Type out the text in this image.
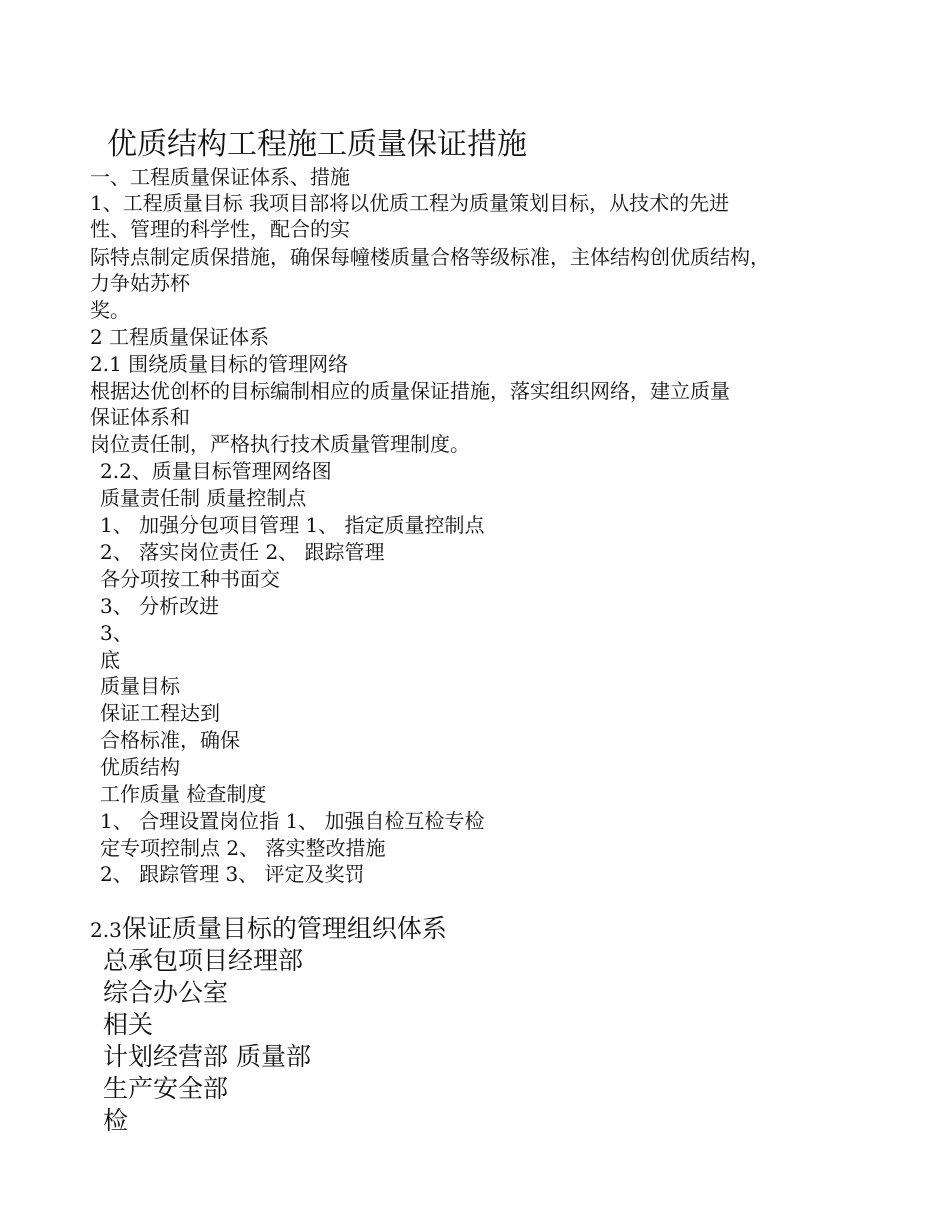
优质结构工程施工质量保证措施
一、工程质量保证体系、措施
1、工程质量目标 我项目部将以优质工程为质量策划目标，从技术的先进
性、管理的科学性，配合的实
际特点制定质保措施，确保每幢楼质量合格等级标准，主体结构创优质结构，
力争姑苏杯
奖。
2 工程质量保证体系
2.1 围绕质量目标的管理网络
根据达优创杯的目标编制相应的质量保证措施，落实组织网络，建立质量
保证体系和
岗位责任制，严格执行技术质量管理制度。
2.2、质量目标管理网络图
质量责任制 质量控制点
1、 加强分包项目管理 1、 指定质量控制点
2、 落实岗位责任 2、 跟踪管理
各分项按工种书面交
3、 分析改进
3、
底
质量目标
保证工程达到
合格标准，确保
优质结构
工作质量 检查制度
1、 合理设置岗位指 1、 加强自检互检专检
定专项控制点 2、 落实整改措施
2、 跟踪管理 3、 评定及奖罚
2.3保证质量目标的管理组织体系
总承包项目经理部
综合办公室
相关
计划经营部 质量部
生产安全部
检
